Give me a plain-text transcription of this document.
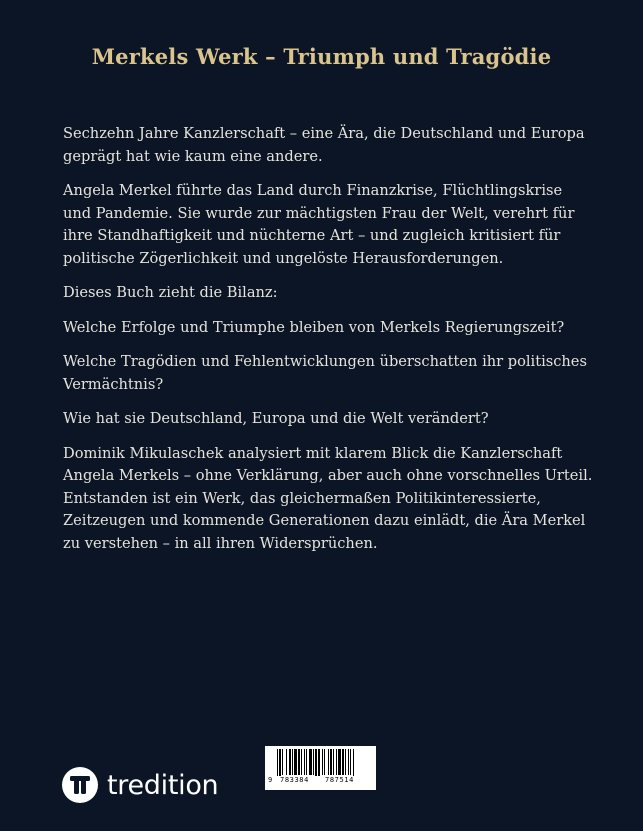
Merkels Werk – Triumph und Tragödie

Sechzehn Jahre Kanzlerschaft – eine Ära, die Deutschland und Europa geprägt hat wie kaum eine andere.

Angela Merkel führte das Land durch Finanzkrise, Flüchtlingskrise und Pandemie. Sie wurde zur mächtigsten Frau der Welt, verehrt für ihre Standhaftigkeit und nüchterne Art – und zugleich kritisiert für politische Zögerlichkeit und ungelöste Herausforderungen.

Dieses Buch zieht die Bilanz:

Welche Erfolge und Triumphe bleiben von Merkels Regierungszeit?

Welche Tragödien und Fehlentwicklungen überschatten ihr politisches Vermächtnis?

Wie hat sie Deutschland, Europa und die Welt verändert?

Dominik Mikulaschek analysiert mit klarem Blick die Kanzlerschaft Angela Merkels – ohne Verklärung, aber auch ohne vorschnelles Urteil. Entstanden ist ein Werk, das gleichermaßen Politikinteressierte, Zeitzeugen und kommende Generationen dazu einlädt, die Ära Merkel zu verstehen – in all ihren Widersprüchen.

tredition

	9

783384

787514
